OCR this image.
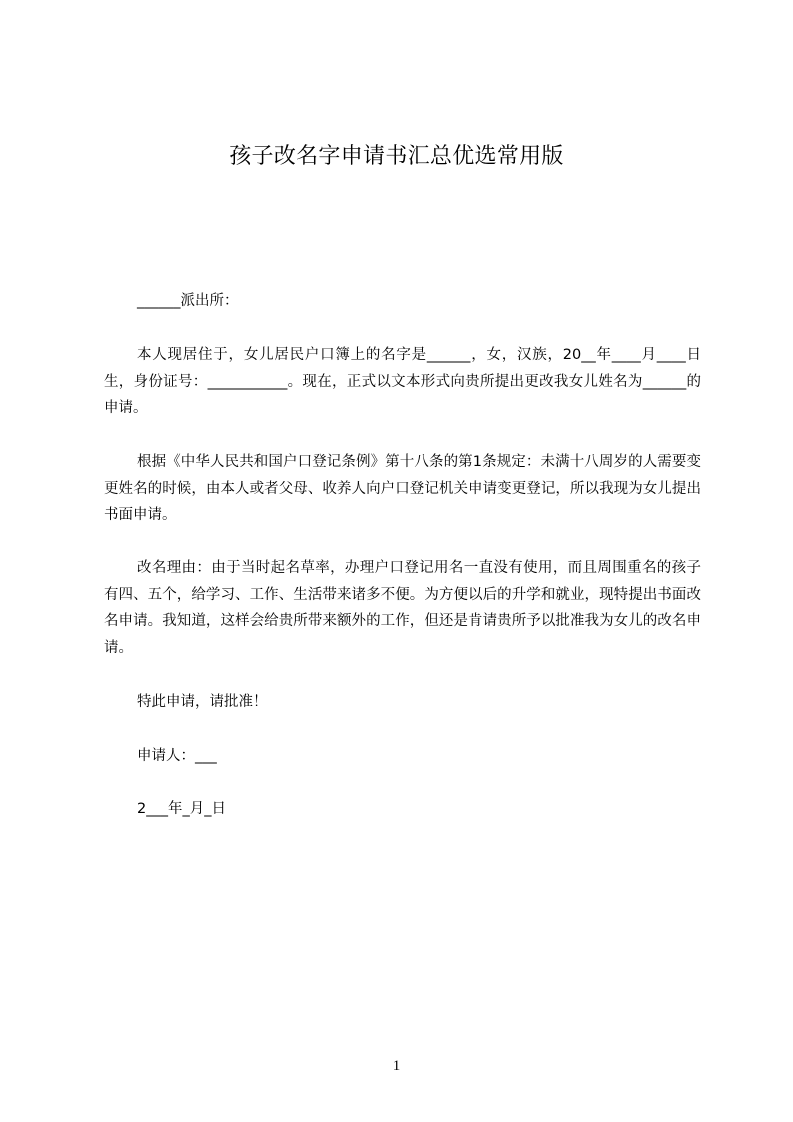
孩子改名字申请书汇总优选常用版
______派出所：

本人现居住于，女儿居民户口簿上的名字是______，女，汉族，20__年____月____日生，身份证号：___________。现在，正式以文本形式向贵所提出更改我女儿姓名为______的申请。

根据《中华人民共和国户口登记条例》第十八条的第1条规定：未满十八周岁的人需要变更姓名的时候，由本人或者父母、收养人向户口登记机关申请变更登记，所以我现为女儿提出书面申请。

改名理由：由于当时起名草率，办理户口登记用名一直没有使用，而且周围重名的孩子有四、五个，给学习、工作、生活带来诸多不便。为方便以后的升学和就业，现特提出书面改名申请。我知道，这样会给贵所带来额外的工作，但还是肯请贵所予以批准我为女儿的改名申请。

特此申请，请批准！
申请人：___
2___年_月_日
1
